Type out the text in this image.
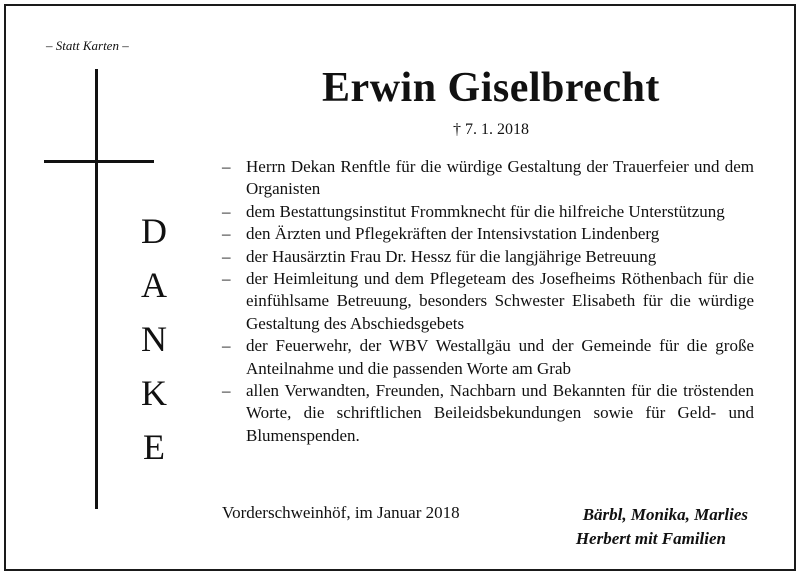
– Statt Karten –
D
A
N
K
E
Erwin Giselbrecht
† 7. 1. 2018
– Herrn Dekan Renftle für die würdige Gestaltung der Trauerfeier und dem Organisten
– dem Bestattungsinstitut Frommknecht für die hilfreiche Unterstützung
– den Ärzten und Pflegekräften der Intensivstation Lindenberg
– der Hausärztin Frau Dr. Hessz für die langjährige Betreuung
– der Heimleitung und dem Pflegeteam des Josefheims Röthenbach für die einfühlsame Betreuung, besonders Schwester Elisabeth für die würdige Gestaltung des Abschiedsgebets
– der Feuerwehr, der WBV Westallgäu und der Gemeinde für die große Anteilnahme und die passenden Worte am Grab
– allen Verwandten, Freunden, Nachbarn und Bekannten für die tröstenden Worte, die schriftlichen Beileidsbekundungen sowie für Geld- und Blumenspenden.
Vorderschweinhöf, im Januar 2018	Bärbl, Monika, Marlies
Herbert mit Familien
